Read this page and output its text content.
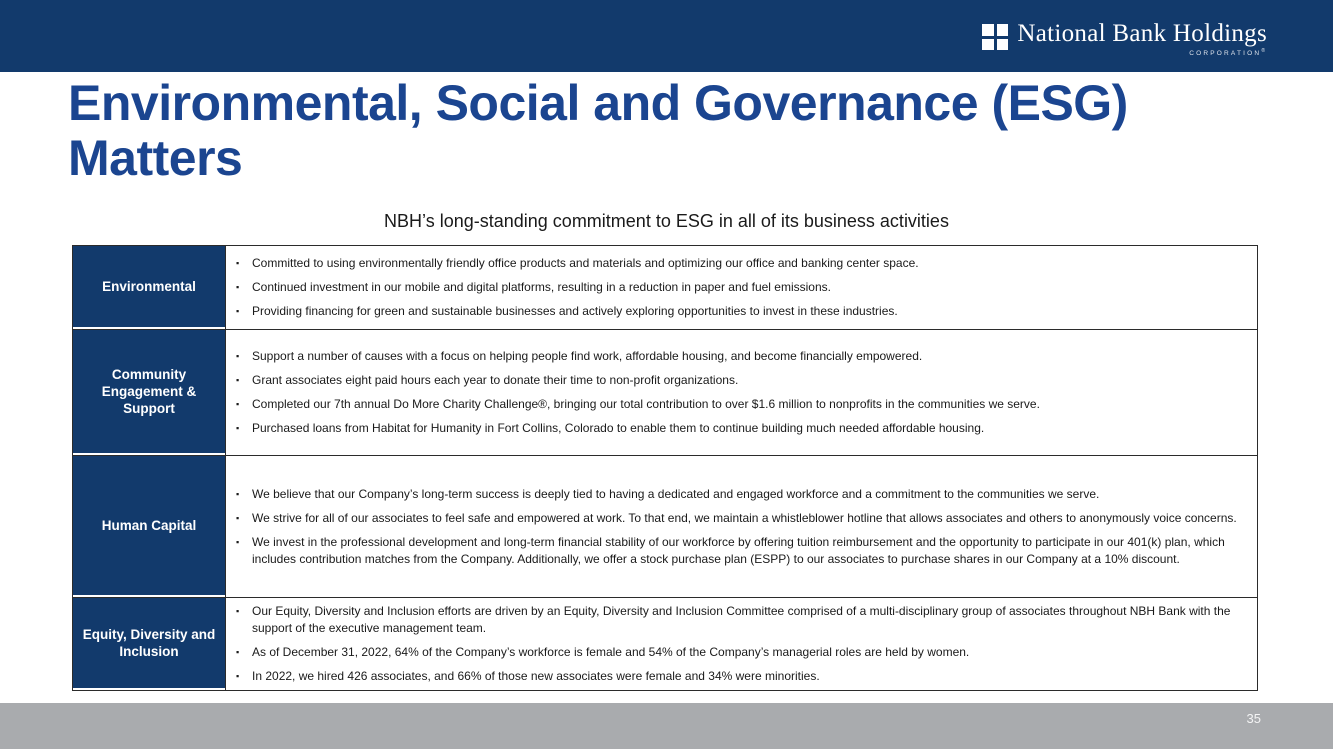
National Bank Holdings
CORPORATION®
Environmental, Social and Governance (ESG) Matters
NBH’s long-standing commitment to ESG in all of its business activities
Environmental
▪	Committed to using environmentally friendly office products and materials and optimizing our office and banking center space.
▪	Continued investment in our mobile and digital platforms, resulting in a reduction in paper and fuel emissions.
▪	Providing financing for green and sustainable businesses and actively exploring opportunities to invest in these industries.
Community Engagement & Support
▪	Support a number of causes with a focus on helping people find work, affordable housing, and become financially empowered.
▪	Grant associates eight paid hours each year to donate their time to non-profit organizations.
▪	Completed our 7th annual Do More Charity Challenge®, bringing our total contribution to over $1.6 million to nonprofits in the communities we serve.
▪	Purchased loans from Habitat for Humanity in Fort Collins, Colorado to enable them to continue building much needed affordable housing.
Human Capital
▪	We believe that our Company’s long-term success is deeply tied to having a dedicated and engaged workforce and a commitment to the communities we serve.
▪	We strive for all of our associates to feel safe and empowered at work. To that end, we maintain a whistleblower hotline that allows associates and others to anonymously voice concerns.
▪	We invest in the professional development and long-term financial stability of our workforce by offering tuition reimbursement and the opportunity to participate in our 401(k) plan, which includes contribution matches from the Company. Additionally, we offer a stock purchase plan (ESPP) to our associates to purchase shares in our Company at a 10% discount.
Equity, Diversity and Inclusion
▪	Our Equity, Diversity and Inclusion efforts are driven by an Equity, Diversity and Inclusion Committee comprised of a multi-disciplinary group of associates throughout NBH Bank with the support of the executive management team.
▪	As of December 31, 2022, 64% of the Company’s workforce is female and 54% of the Company’s managerial roles are held by women.
▪	In 2022, we hired 426 associates, and 66% of those new associates were female and 34% were minorities.
35
